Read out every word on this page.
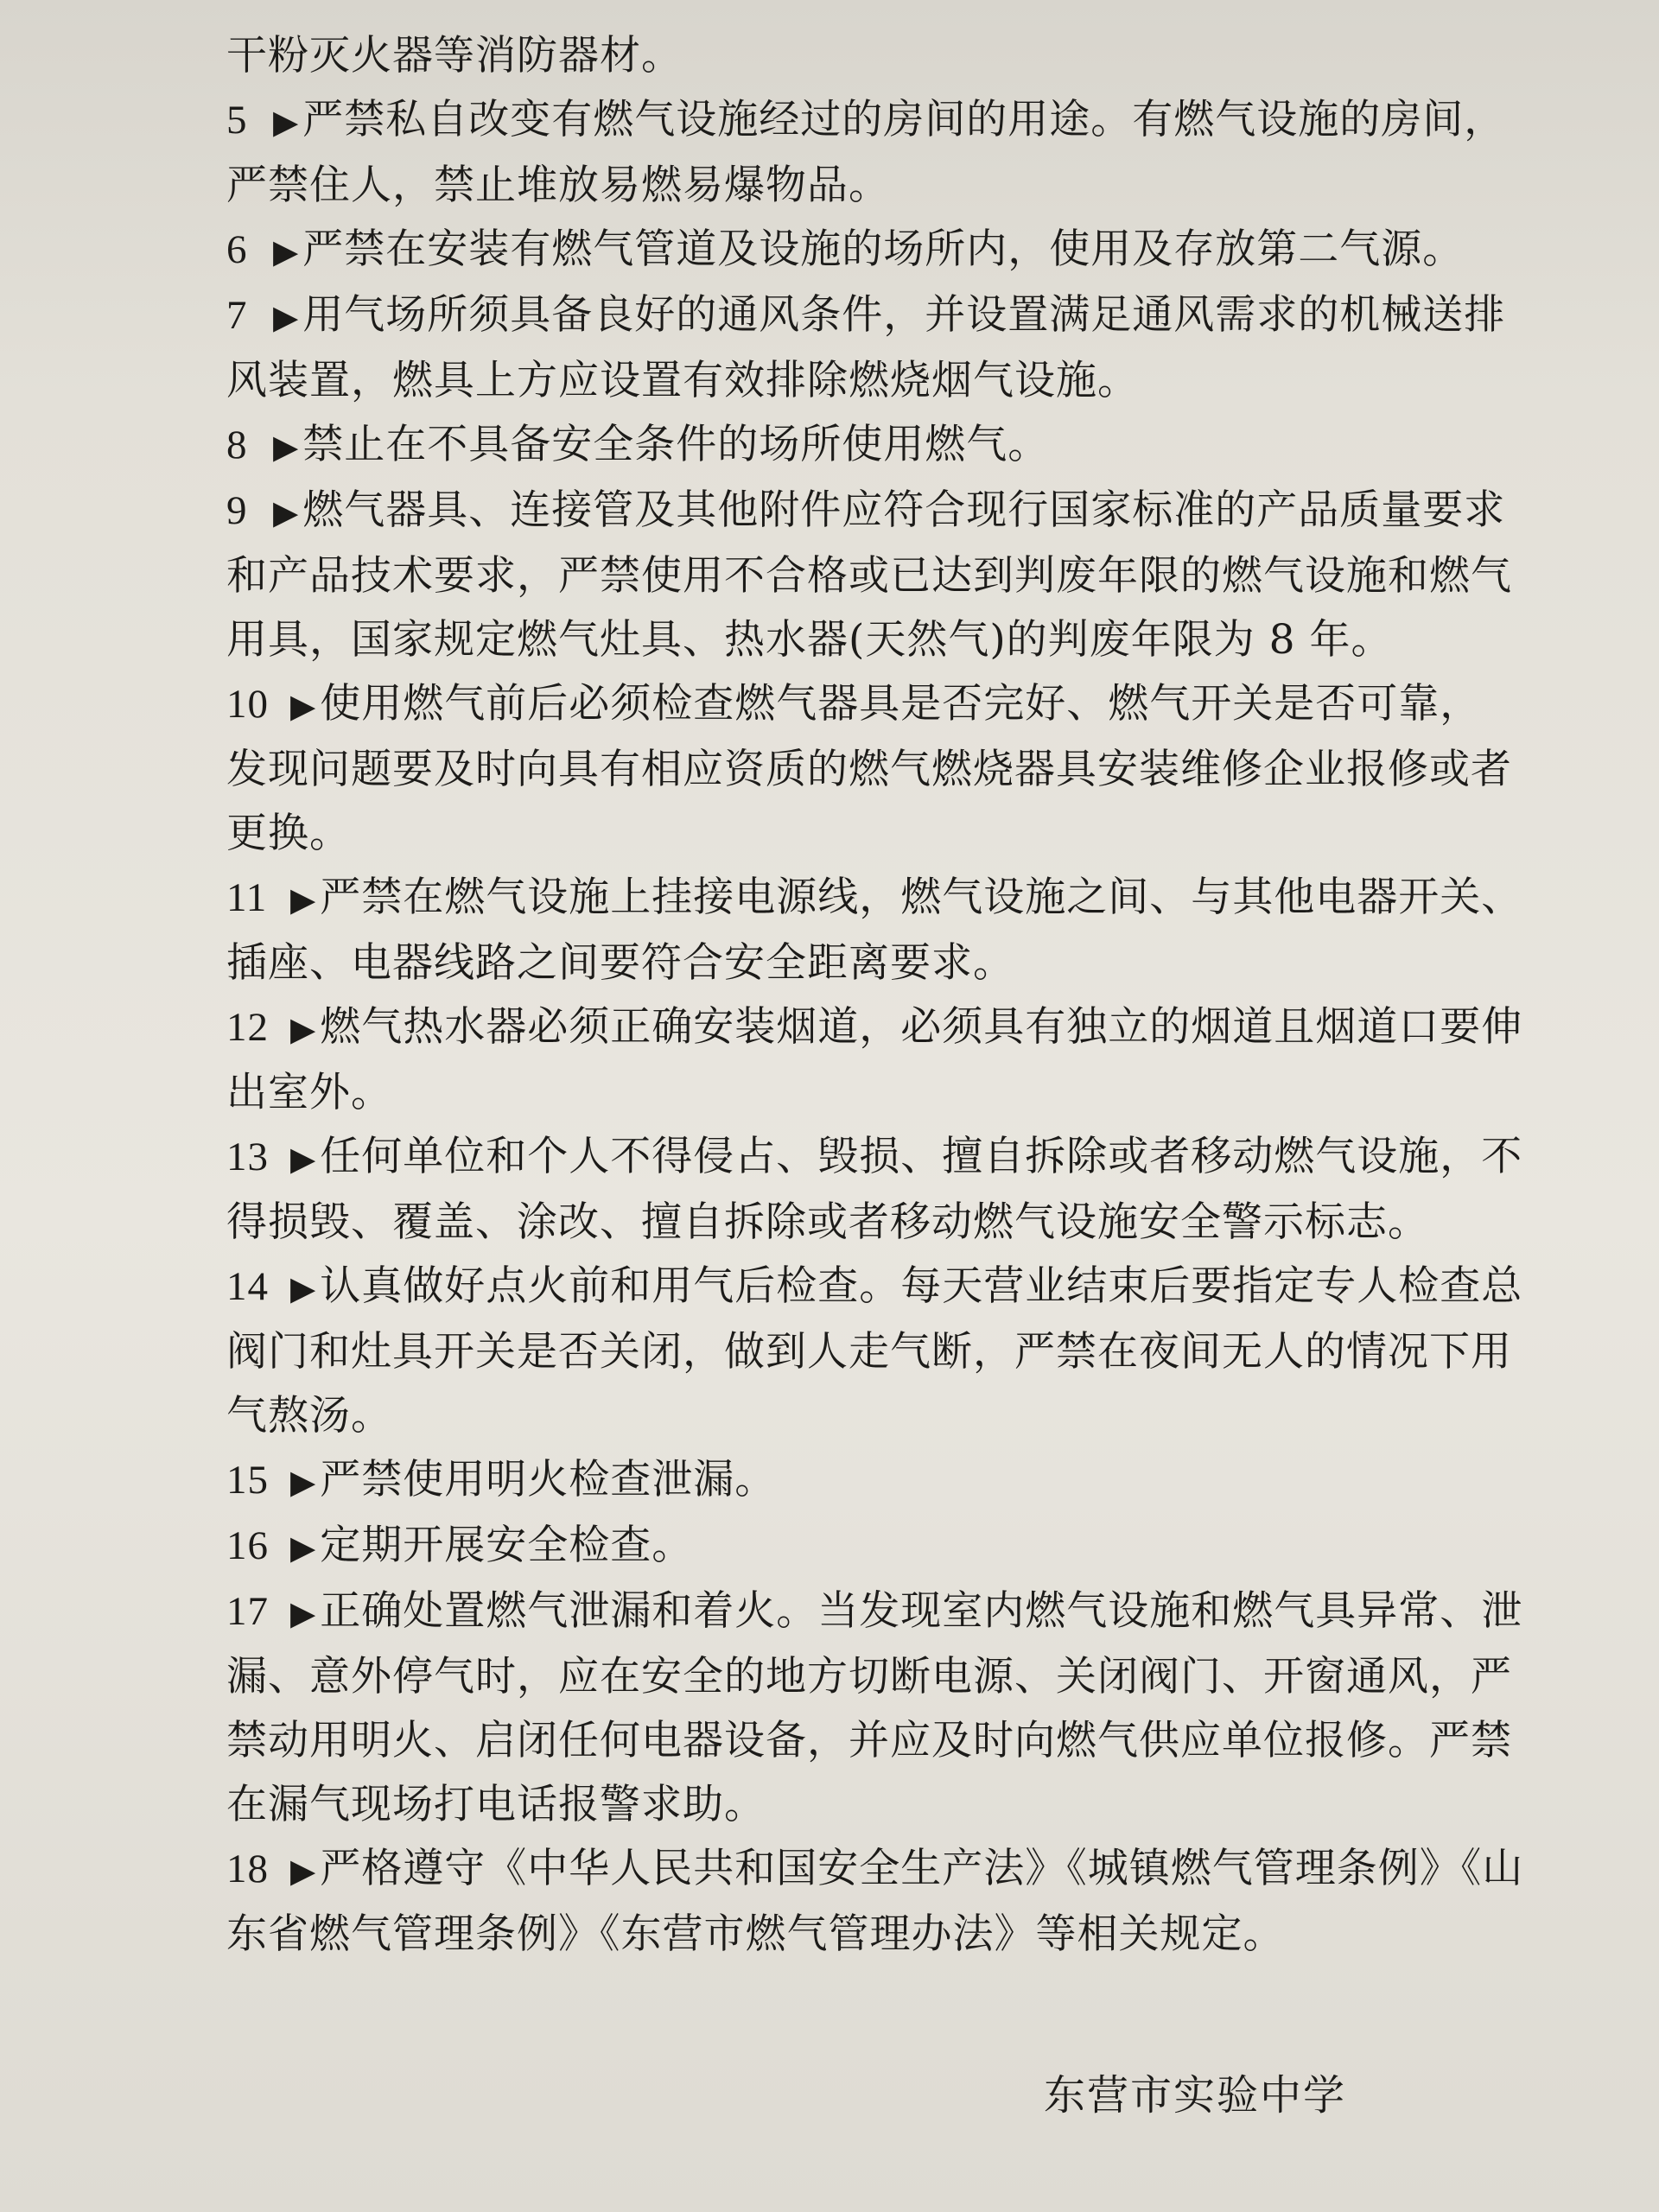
干粉灭火器等消防器材。
5 ▶ 严禁私自改变有燃气设施经过的房间的用途。有燃气设施的房间，
严禁住人，禁止堆放易燃易爆物品。
6 ▶ 严禁在安装有燃气管道及设施的场所内，使用及存放第二气源。
7 ▶ 用气场所须具备良好的通风条件，并设置满足通风需求的机械送排
风装置，燃具上方应设置有效排除燃烧烟气设施。
8 ▶ 禁止在不具备安全条件的场所使用燃气。
9 ▶ 燃气器具、连接管及其他附件应符合现行国家标准的产品质量要求
和产品技术要求，严禁使用不合格或已达到判废年限的燃气设施和燃气
用具，国家规定燃气灶具、热水器(天然气)的判废年限为 8 年。
10 ▶ 使用燃气前后必须检查燃气器具是否完好、燃气开关是否可靠，
发现问题要及时向具有相应资质的燃气燃烧器具安装维修企业报修或者
更换。
11 ▶ 严禁在燃气设施上挂接电源线，燃气设施之间、与其他电器开关、
插座、电器线路之间要符合安全距离要求。
12 ▶ 燃气热水器必须正确安装烟道，必须具有独立的烟道且烟道口要伸
出室外。
13 ▶ 任何单位和个人不得侵占、毁损、擅自拆除或者移动燃气设施，不
得损毁、覆盖、涂改、擅自拆除或者移动燃气设施安全警示标志。
14 ▶ 认真做好点火前和用气后检查。每天营业结束后要指定专人检查总
阀门和灶具开关是否关闭，做到人走气断，严禁在夜间无人的情况下用
气熬汤。
15 ▶ 严禁使用明火检查泄漏。
16 ▶ 定期开展安全检查。
17 ▶ 正确处置燃气泄漏和着火。当发现室内燃气设施和燃气具异常、泄
漏、意外停气时，应在安全的地方切断电源、关闭阀门、开窗通风，严
禁动用明火、启闭任何电器设备，并应及时向燃气供应单位报修。严禁
在漏气现场打电话报警求助。
18 ▶ 严格遵守《中华人民共和国安全生产法》《城镇燃气管理条例》《山
东省燃气管理条例》《东营市燃气管理办法》等相关规定。
东营市实验中学
